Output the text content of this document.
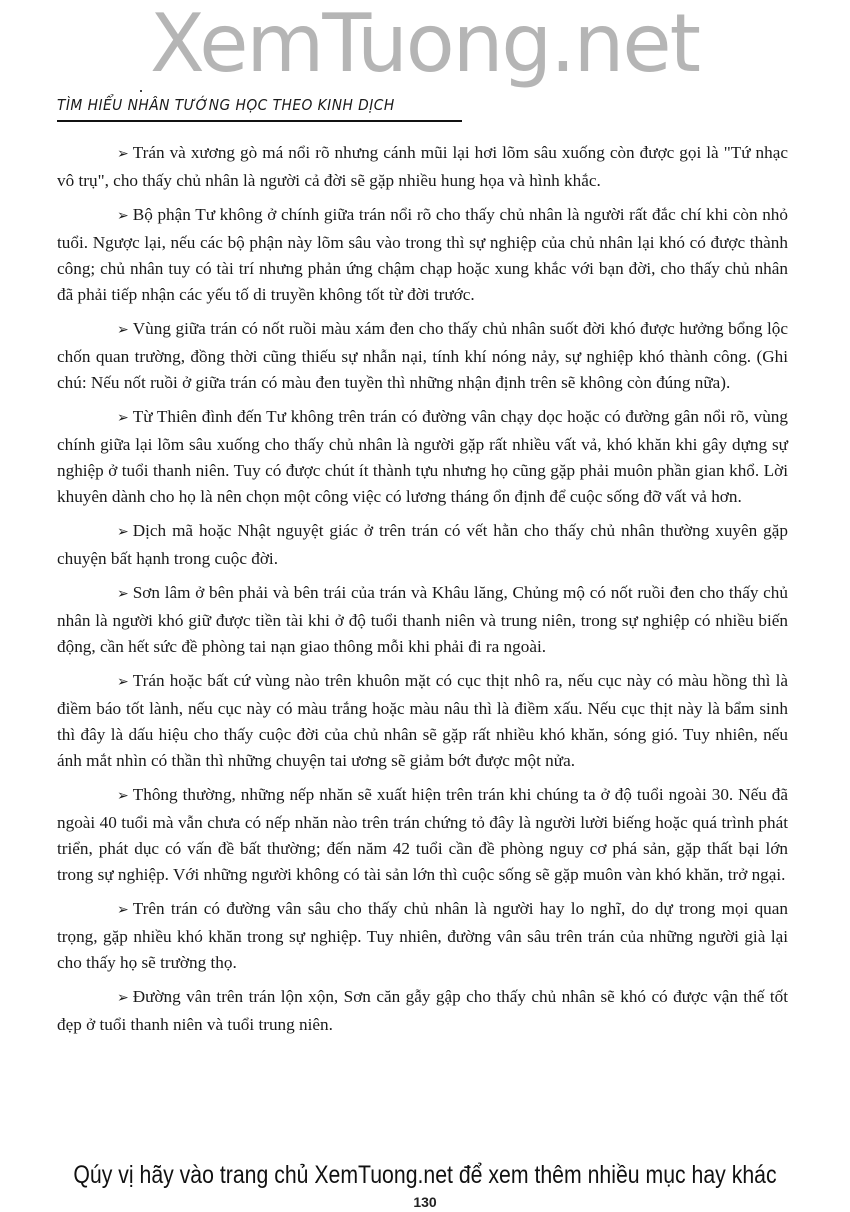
XemTuong.net
TÌM HIỂU NHÂN TƯỚNG HỌC THEO KINH DỊCH

➢ Trán và xương gò má nổi rõ nhưng cánh mũi lại hơi lõm sâu xuống còn được gọi là "Tứ nhạc vô trụ", cho thấy chủ nhân là người cả đời sẽ gặp nhiều hung họa và hình khắc.

➢ Bộ phận Tư không ở chính giữa trán nổi rõ cho thấy chủ nhân là người rất đắc chí khi còn nhỏ tuổi. Ngược lại, nếu các bộ phận này lõm sâu vào trong thì sự nghiệp của chủ nhân lại khó có được thành công; chủ nhân tuy có tài trí nhưng phản ứng chậm chạp hoặc xung khắc với bạn đời, cho thấy chủ nhân đã phải tiếp nhận các yếu tố di truyền không tốt từ đời trước.

➢ Vùng giữa trán có nốt ruồi màu xám đen cho thấy chủ nhân suốt đời khó được hưởng bổng lộc chốn quan trường, đồng thời cũng thiếu sự nhẫn nại, tính khí nóng nảy, sự nghiệp khó thành công. (Ghi chú: Nếu nốt ruồi ở giữa trán có màu đen tuyền thì những nhận định trên sẽ không còn đúng nữa).

➢ Từ Thiên đình đến Tư không trên trán có đường vân chạy dọc hoặc có đường gân nổi rõ, vùng chính giữa lại lõm sâu xuống cho thấy chủ nhân là người gặp rất nhiều vất vả, khó khăn khi gây dựng sự nghiệp ở tuổi thanh niên. Tuy có được chút ít thành tựu nhưng họ cũng gặp phải muôn phần gian khổ. Lời khuyên dành cho họ là nên chọn một công việc có lương tháng ổn định để cuộc sống đỡ vất vả hơn.

➢ Dịch mã hoặc Nhật nguyệt giác ở trên trán có vết hằn cho thấy chủ nhân thường xuyên gặp chuyện bất hạnh trong cuộc đời.

➢ Sơn lâm ở bên phải và bên trái của trán và Khâu lăng, Chủng mộ có nốt ruồi đen cho thấy chủ nhân là người khó giữ được tiền tài khi ở độ tuổi thanh niên và trung niên, trong sự nghiệp có nhiều biến động, cần hết sức đề phòng tai nạn giao thông mỗi khi phải đi ra ngoài.

➢ Trán hoặc bất cứ vùng nào trên khuôn mặt có cục thịt nhô ra, nếu cục này có màu hồng thì là điềm báo tốt lành, nếu cục này có màu trắng hoặc màu nâu thì là điềm xấu. Nếu cục thịt này là bẩm sinh thì đây là dấu hiệu cho thấy cuộc đời của chủ nhân sẽ gặp rất nhiều khó khăn, sóng gió. Tuy nhiên, nếu ánh mắt nhìn có thần thì những chuyện tai ương sẽ giảm bớt được một nửa.

➢ Thông thường, những nếp nhăn sẽ xuất hiện trên trán khi chúng ta ở độ tuổi ngoài 30. Nếu đã ngoài 40 tuổi mà vẫn chưa có nếp nhăn nào trên trán chứng tỏ đây là người lười biếng hoặc quá trình phát triển, phát dục có vấn đề bất thường; đến năm 42 tuổi cần đề phòng nguy cơ phá sản, gặp thất bại lớn trong sự nghiệp. Với những người không có tài sản lớn thì cuộc sống sẽ gặp muôn vàn khó khăn, trở ngại.

➢ Trên trán có đường vân sâu cho thấy chủ nhân là người hay lo nghĩ, do dự trong mọi quan trọng, gặp nhiều khó khăn trong sự nghiệp. Tuy nhiên, đường vân sâu trên trán của những người già lại cho thấy họ sẽ trường thọ.

➢ Đường vân trên trán lộn xộn, Sơn căn gẫy gập cho thấy chủ nhân sẽ khó có được vận thế tốt đẹp ở tuổi thanh niên và tuổi trung niên.

Qúy vị hãy vào trang chủ XemTuong.net để xem thêm nhiều mục hay khác
130
